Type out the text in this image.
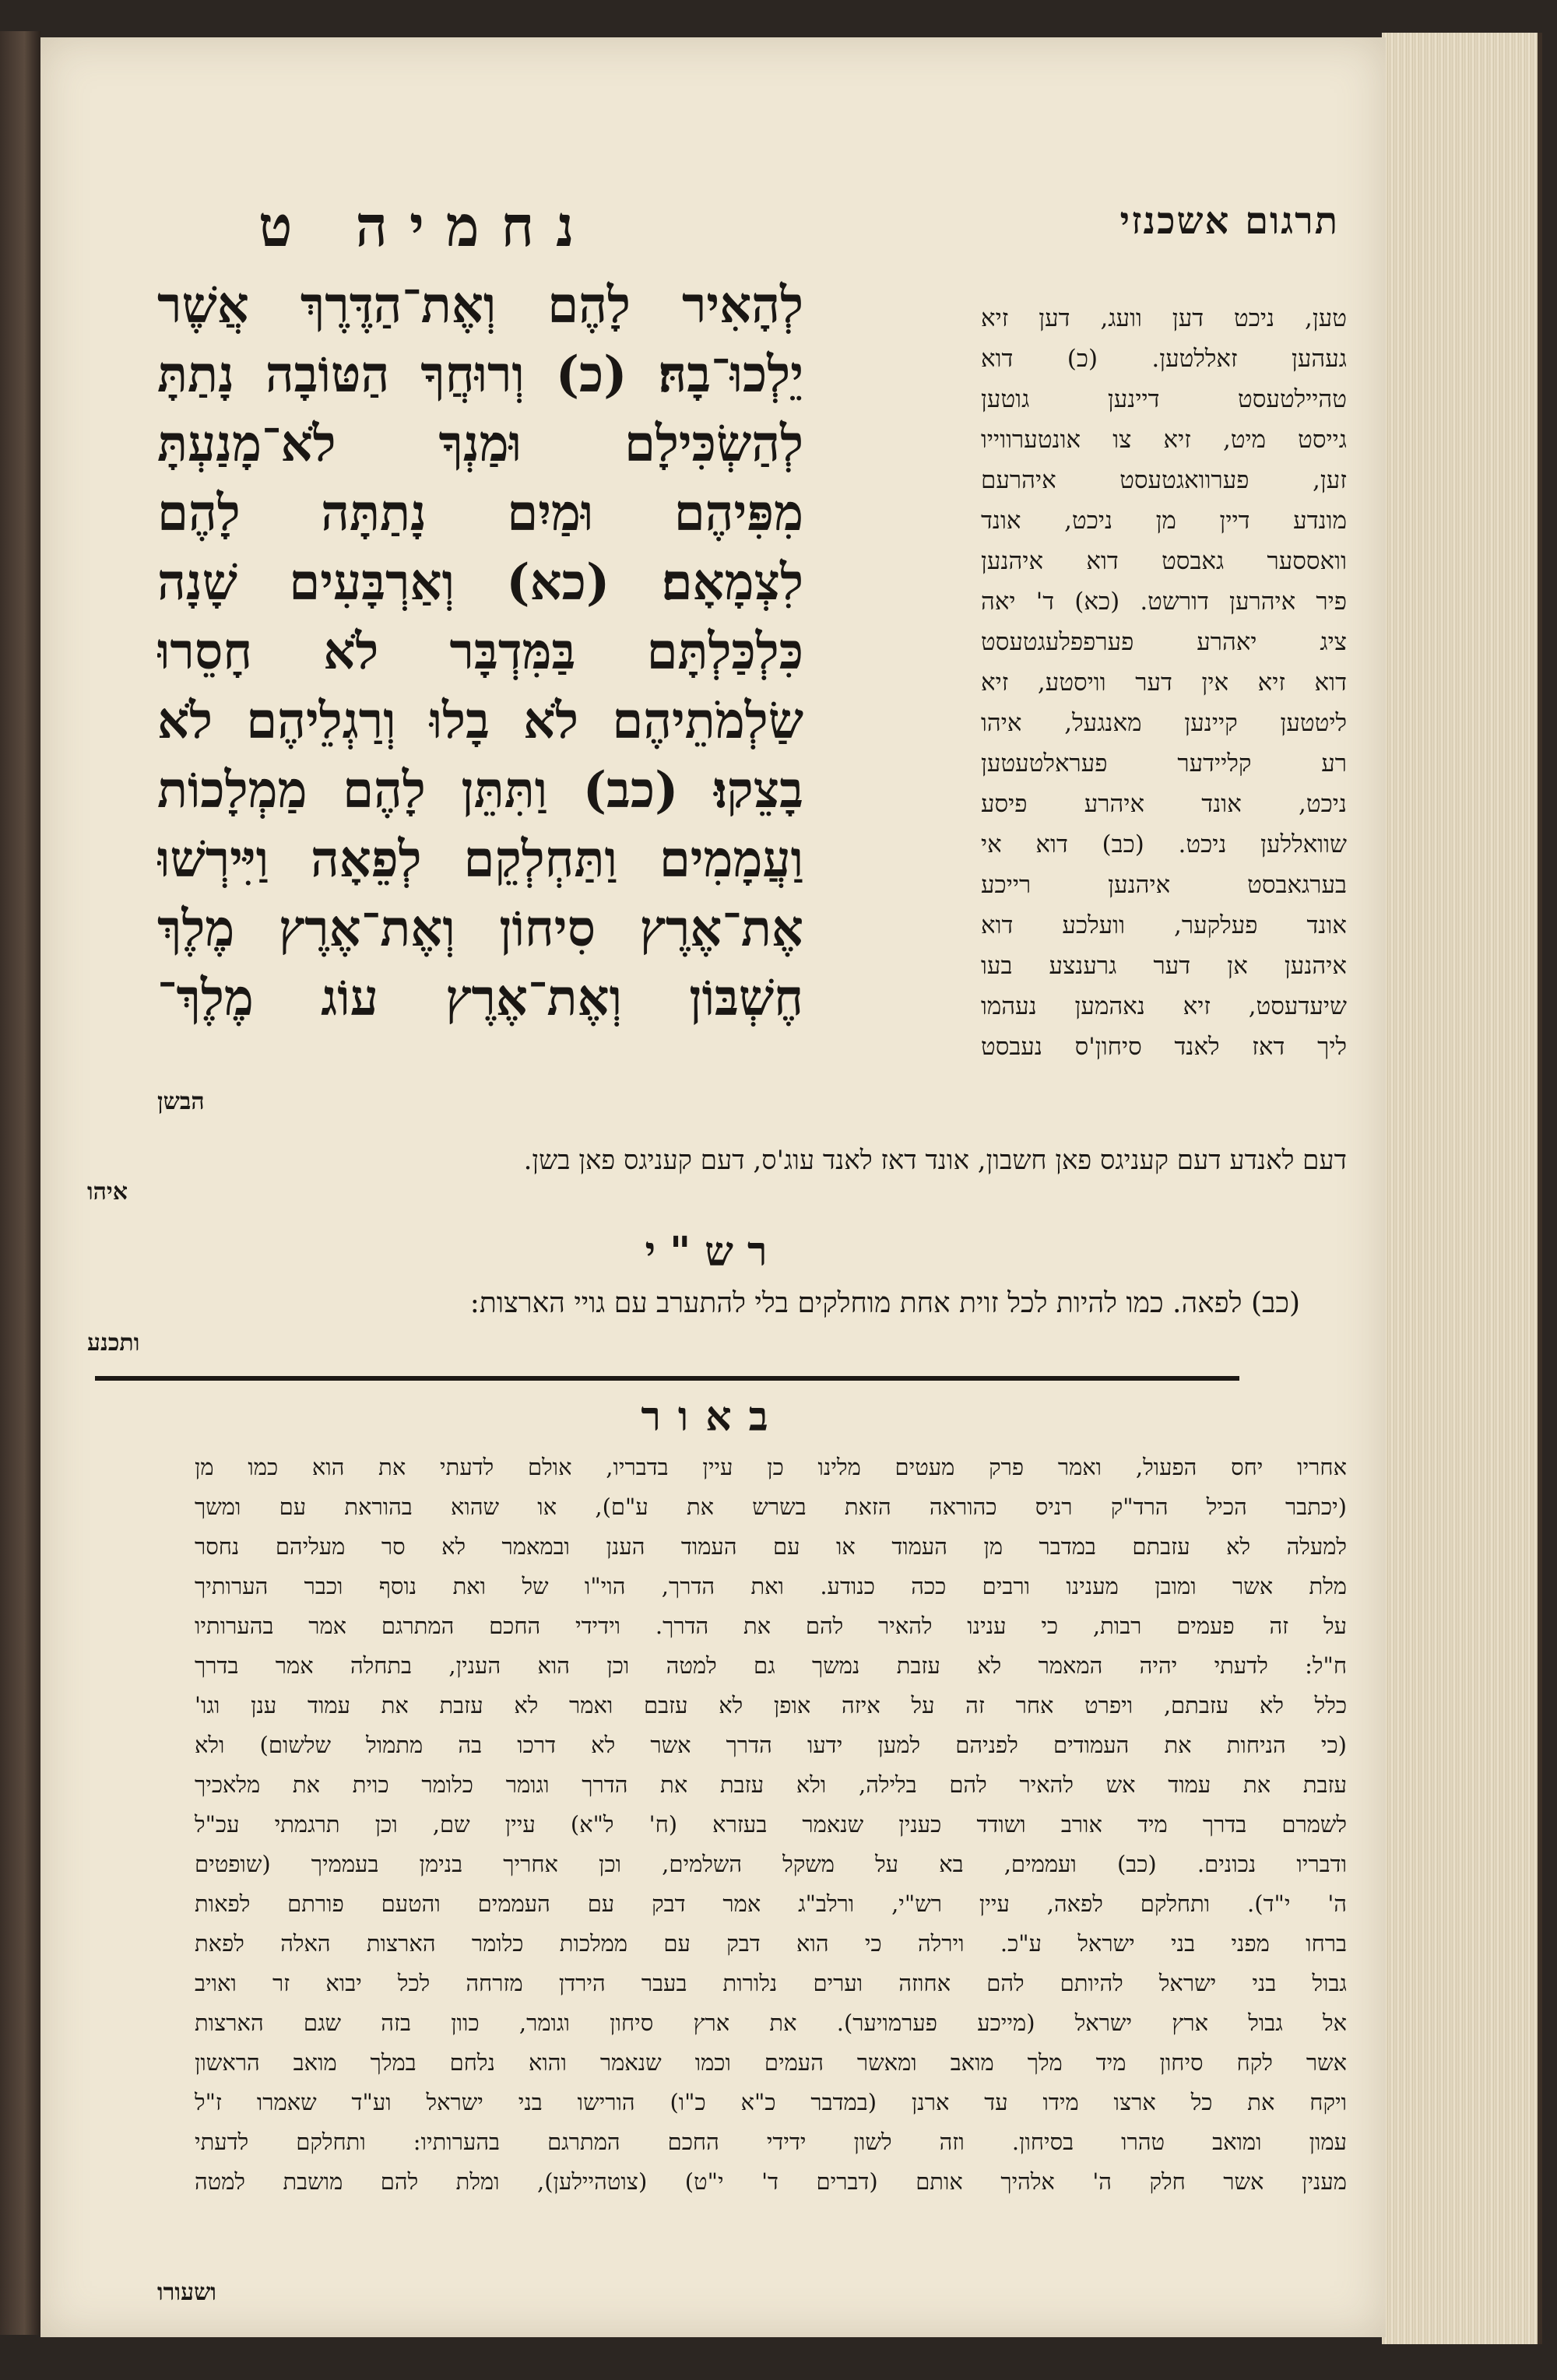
תרגום אשכנזי
נחמיה ט
לְהָאִיר לָהֶם וְאֶת־הַדֶּרֶךְ אֲשֶׁר
יֵלְכוּ־בָהּ׃ (כ) וְרוּחֲךָ הַטּוֹבָה נָתַתָּ
לְהַשְׂכִּילָם וּמַנְךָ לֹא־מָנַעְתָּ
מִפִּיהֶם וּמַיִם נָתַתָּה לָהֶם
לִצְמָאָם׃ (כא) וְאַרְבָּעִים שָׁנָה
כִּלְכַּלְתָּם בַּמִּדְבָּר לֹא חָסֵרוּ
שַׂלְמֹתֵיהֶם לֹא בָלוּ וְרַגְלֵיהֶם לֹא
בָצֵקוּ׃ (כב) וַתִּתֵּן לָהֶם מַמְלָכוֹת
וַעֲמָמִים וַתַּחְלְקֵם לְפֵאָה וַיִּירְשׁוּ
אֶת־אֶרֶץ סִיחוֹן וְאֶת־אֶרֶץ מֶלֶךְ
חֶשְׁבּוֹן וְאֶת־אֶרֶץ עוֹג מֶלֶךְ־
הבשן
טען, ניכט דען וועג, דען זיא
געהען זאללטען. (כ) דוא
טהיילטעסט דיינען גוטען
גייסט מיט, זיא צו אונטערווייו
זען, פערוואגטעסט איהרעם
מונדע דיין מן ניכט, אונד
וואססער גאבסט דוא איהנען
פיר איהרען דורשט. (כא) ד' יאה
ציג יאהרע פערפפלעגטעסט
דוא זיא אין דער וויסטע, זיא
ליטטען קיינען מאנגעל, איהו
רע קליידער פעראלטעטען
ניכט, אונד איהרע פיסע
שוואללען ניכט. (כב) דוא אי
בערגאבסט איהנען רייכע
אונד פעלקער, וועלכע דוא
איהנען אן דער גרענצע בעו
שיעדעסט, זיא נאהמען נעהמו
ליך דאז לאנד סיחון'ס נעבסט
דעם לאנדע דעם קעניגס פאן חשבון, אונד דאז לאנד עוג'ס, דעם קעניגס פאן בשן.
איהו
רש"י
(כב) לפאה. כמו להיות לכל זוית אחת מוחלקים בלי להתערב עם גויי הארצות:
ותכנע
באור
אחריו יחס הפעול, ואמר פרק מעטים מלינו כן עיין בדבריו, אולם לדעתי את הוא כמו מן
(יכתבר הכיל הרד"ק רניס כהוראה הזאת בשרש את ע"ם), או שהוא בהוראת עם ומשך
למעלה לא עזבתם במדבר מן העמוד או עם העמוד הענן ובמאמר לא סר מעליהם נחסר
מלת אשר ומובן מענינו ורבים ככה כנודע. ואת הדרך, הוי"ו של ואת נוסף וכבר הערותיך
על זה פעמים רבות, כי ענינו להאיר להם את הדרך. וידידי החכם המתרגם אמר בהערותיו
ח"ל: לדעתי יהיה המאמר לא עזבת נמשך גם למטה וכן הוא הענין, בתחלה אמר בדרך
כלל לא עזבתם, ויפרט אחר זה על איזה אופן לא עזבם ואמר לא עזבת את עמוד ענן וגו'
(כי הניחות את העמודים לפניהם למען ידעו הדרך אשר לא דרכו בה מתמול שלשום) ולא
עזבת את עמוד אש להאיר להם בלילה, ולא עזבת את הדרך וגומר כלומר כוית את מלאכיך
לשמרם בדרך מיד אורב ושודד כענין שנאמר בעזרא (ח' ל"א) עיין שם, וכן תרגמתי עכ"ל
ודבריו נכונים. (כב) ועממים, בא על משקל השלמים, וכן אחריך בנימן בעממיך (שופטים
ה' י"ד). ותחלקם לפאה, עיין רש"י, ורלב"ג אמר דבק עם העממים והטעם פורתם לפאות
ברחו מפני בני ישראל ע"כ. וירלה כי הוא דבק עם ממלכות כלומר הארצות האלה לפאת
גבול בני ישראל להיותם להם אחוזה וערים נלורות בעבר הירדן מזרחה לכל יבוא זר ואויב
אל גבול ארץ ישראל (מייכע פערמויער). את ארץ סיחון וגומר, כוון בזה שגם הארצות
אשר לקח סיחון מיד מלך מואב ומאשר העמים וכמו שנאמר והוא נלחם במלך מואב הראשון
ויקח את כל ארצו מידו עד ארנן (במדבר כ"א כ"ו) הורישו בני ישראל וע"ד שאמרו ז"ל
עמון ומואב טהרו בסיחון. וזה לשון ידידי החכם המתרגם בהערותיו: ותחלקם לדעתי
מענין אשר חלק ה' אלהיך אותם (דברים ד' י"ט) (צוטהיילען), ומלת להם מושבת למטה
ושעורו
